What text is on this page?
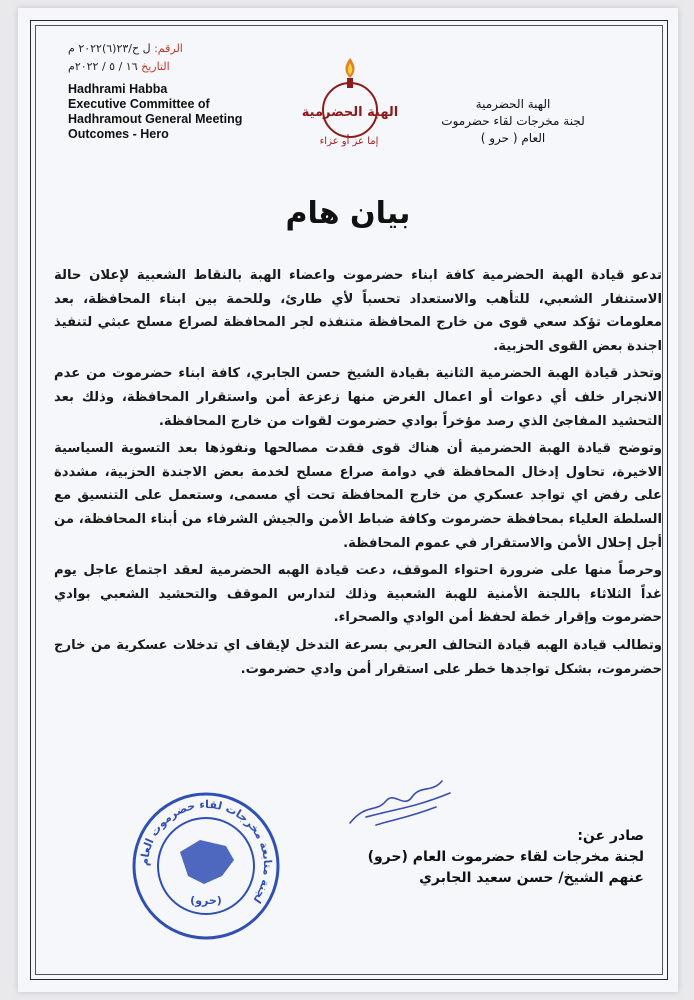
الرقم: ل ح/٢٣(٦)٢٠٢٢ م
التاريخ ١٦ / ٥ / ٢٠٢٢م
Hadhrami Habba
Executive Committee of
Hadhramout General Meeting
Outcomes - Hero
الهبة الحضرمية
إما عز أو عزاء
الهبة الحضرمية
لجنة مخرجات لقاء حضرموت
العام ( حرو )
بيان هام

تدعو قيادة الهبة الحضرمية كافة ابناء حضرموت واعضاء الهبة بالنقاط الشعبية لإعلان حالة الاستنفار الشعبي، للتأهب والاستعداد تحسباً لأي طارئ، وللحمة بين ابناء المحافظة، بعد معلومات تؤكد سعي قوى من خارج المحافظة متنفذه لجر المحافظة لصراع مسلح عبثي لتنفيذ اجندة بعض القوى الحزبية.

وتحذر قيادة الهبة الحضرمية الثانية بقيادة الشيخ حسن الجابري، كافة ابناء حضرموت من عدم الانجرار خلف أي دعوات أو اعمال الغرض منها زعزعة أمن واستقرار المحافظة، وذلك بعد التحشيد المفاجئ الذي رصد مؤخراً بوادي حضرموت لقوات من خارج المحافظة.

وتوضح قيادة الهبة الحضرمية أن هناك قوى فقدت مصالحها ونفوذها بعد التسوية السياسية الاخيرة، تحاول إدخال المحافظة في دوامة صراع مسلح لخدمة بعض الاجندة الحزبية، مشددة على رفض اي تواجد عسكري من خارج المحافظة تحت أي مسمى، وستعمل على التنسيق مع السلطة العلياء بمحافظة حضرموت وكافة ضباط الأمن والجيش الشرفاء من أبناء المحافظة، من أجل إحلال الأمن والاستقرار في عموم المحافظة.

وحرصاً منها على ضرورة احتواء الموقف، دعت قيادة الهبه الحضرمية لعقد اجتماع عاجل يوم غداً الثلاثاء باللجنة الأمنية للهبة الشعبية وذلك لتدارس الموقف والتحشيد الشعبي بوادي حضرموت وإقرار خطة لحفظ أمن الوادي والصحراء.

وتطالب قيادة الهبه قيادة التحالف العربي بسرعة التدخل لإيقاف اي تدخلات عسكرية من خارج حضرموت، بشكل تواجدها خطر على استقرار أمن وادي حضرموت.

لجنة متابعة مخرجات لقاء حضرموت العام
(حرو)
صادر عن:
لجنة مخرجات لقاء حضرموت العام (حرو)
عنهم الشيخ/ حسن سعيد الجابري
